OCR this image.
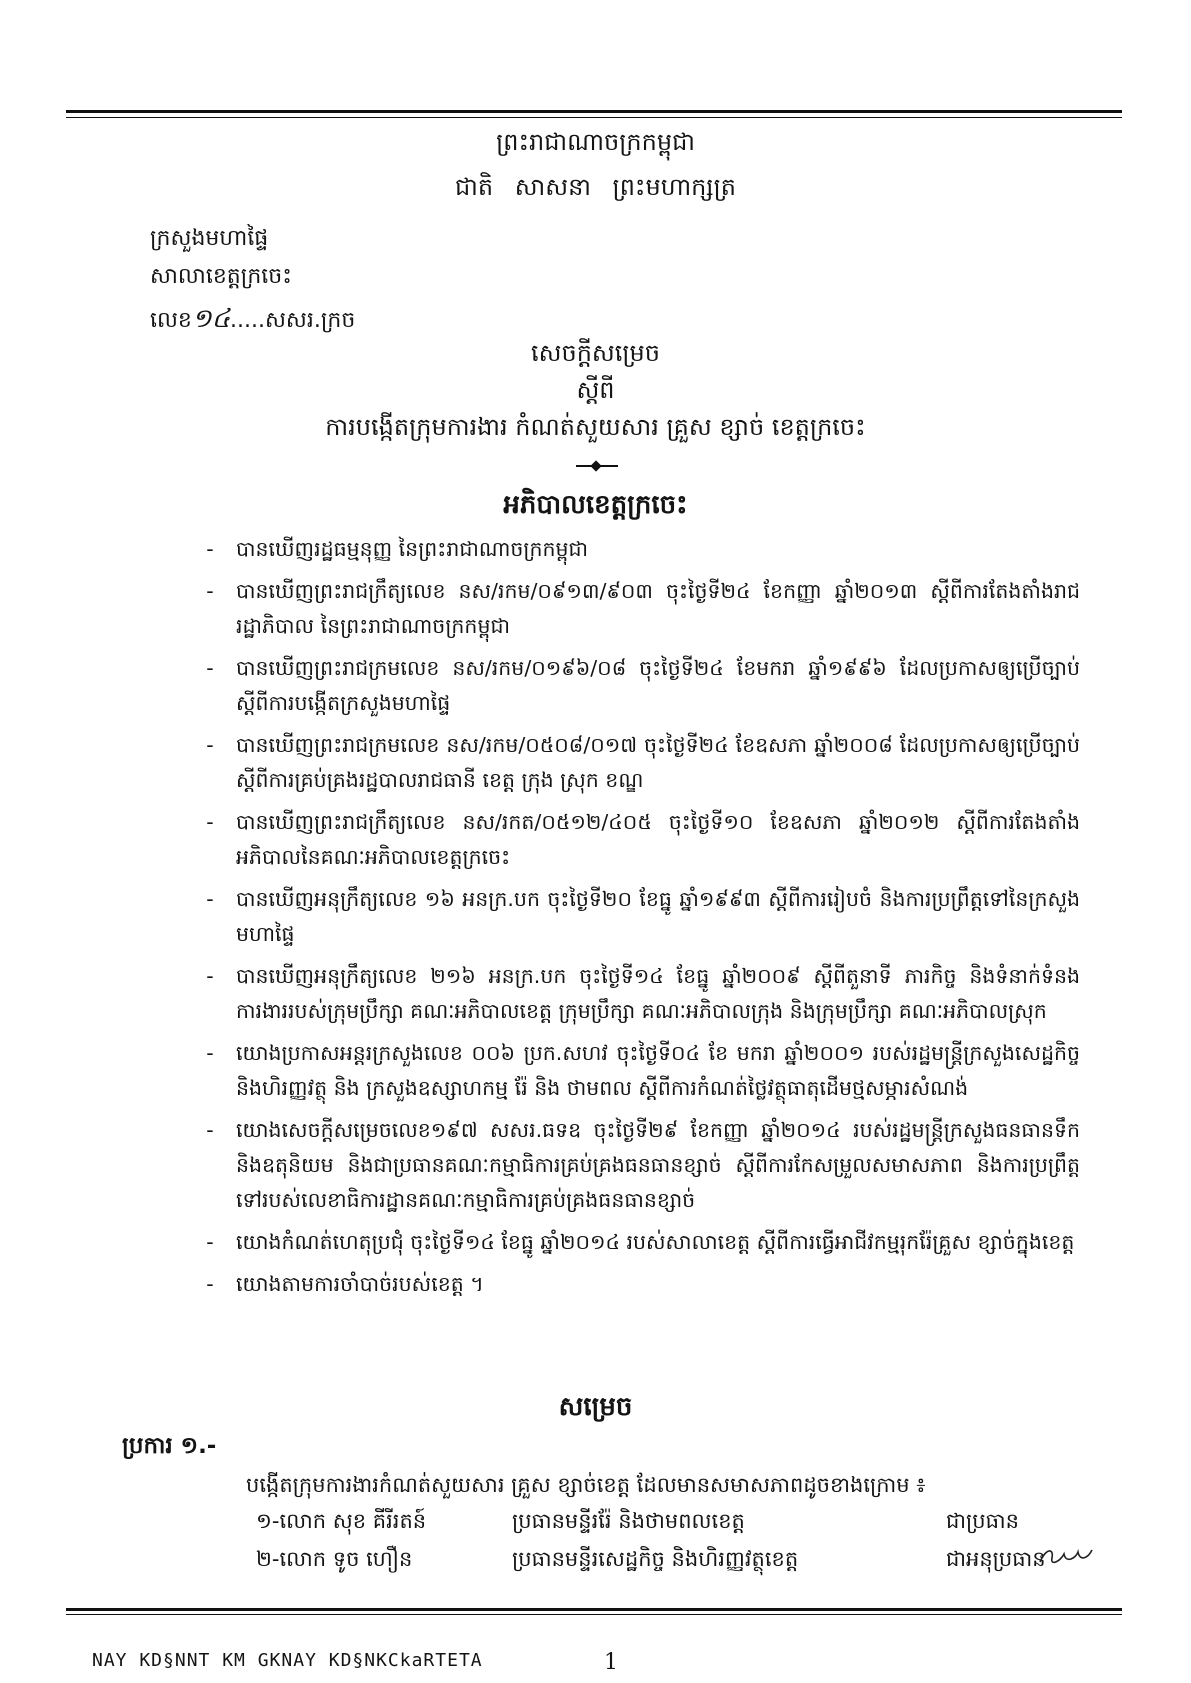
ព្រះរាជាណាចក្រកម្ពុជា
ជាតិ សាសនា ព្រះមហាក្សត្រ
ក្រសួងមហាផ្ទៃ
សាលាខេត្តក្រចេះ
លេខ១៤.....សសរ.ក្រច
សេចក្តីសម្រេច
ស្តីពី
ការបង្កើតក្រុមការងារ កំណត់សួយសារ គ្រួស ខ្សាច់ ខេត្តក្រចេះ
អភិបាលខេត្តក្រចេះ
-	បានឃើញរដ្ឋធម្មនុញ្ញ នៃព្រះរាជាណាចក្រកម្ពុជា
-	បានឃើញព្រះរាជក្រឹត្យលេខ នស/រកម/០៩១៣/៩០៣ ចុះថ្ងៃទី២៤ ខែកញ្ញា ឆ្នាំ២០១៣ ស្តីពីការតែងតាំងរាជរដ្ឋាភិបាល នៃព្រះរាជាណាចក្រកម្ពុជា
-	បានឃើញព្រះរាជក្រមលេខ នស/រកម/០១៩៦/០៨ ចុះថ្ងៃទី២៤ ខែមករា ឆ្នាំ១៩៩៦ ដែលប្រកាសឲ្យប្រើច្បាប់ស្តីពីការបង្កើតក្រសួងមហាផ្ទៃ
-	បានឃើញព្រះរាជក្រមលេខ នស/រកម/០៥០៨/០១៧ ចុះថ្ងៃទី២៤ ខែឧសភា ឆ្នាំ២០០៨ ដែលប្រកាសឲ្យប្រើច្បាប់ ស្តីពីការគ្រប់គ្រងរដ្ឋបាលរាជធានី ខេត្ត ក្រុង ស្រុក ខណ្ឌ
-	បានឃើញព្រះរាជក្រឹត្យលេខ នស/រកត/០៥១២/៤០៥ ចុះថ្ងៃទី១០ ខែឧសភា ឆ្នាំ២០១២ ស្តីពីការតែងតាំងអភិបាលនៃគណៈអភិបាលខេត្តក្រចេះ
-	បានឃើញអនុក្រឹត្យលេខ ១៦ អនក្រ.បក ចុះថ្ងៃទី២០ ខែធ្នូ ឆ្នាំ១៩៩៣ ស្តីពីការរៀបចំ និងការប្រព្រឹត្តទៅនៃក្រសួងមហាផ្ទៃ
-	បានឃើញអនុក្រឹត្យលេខ ២១៦ អនក្រ.បក ចុះថ្ងៃទី១៤ ខែធ្នូ ឆ្នាំ២០០៩ ស្តីពីតួនាទី ភារកិច្ច និងទំនាក់ទំនងការងាររបស់ក្រុមប្រឹក្សា គណៈអភិបាលខេត្ត ក្រុមប្រឹក្សា គណៈអភិបាលក្រុង និងក្រុមប្រឹក្សា គណៈអភិបាលស្រុក
-	យោងប្រកាសអន្តរក្រសួងលេខ ០០៦ ប្រក.សហវ ចុះថ្ងៃទី០៤ ខែ មករា ឆ្នាំ២០០១ របស់រដ្ឋមន្ត្រីក្រសួងសេដ្ឋកិច្ច និងហិរញ្ញវត្ថុ និង ក្រសួងឧស្សាហកម្ម រ៉ែ និង ថាមពល ស្តីពីការកំណត់ថ្លៃវត្ថុធាតុដើមថ្មសម្ភារសំណង់
-	យោងសេចក្តីសម្រេចលេខ១៩៧ សសរ.ធទឧ ចុះថ្ងៃទី២៩ ខែកញ្ញា ឆ្នាំ២០១៤ របស់រដ្ឋមន្ត្រីក្រសួងធនធានទឹក និងឧតុនិយម និងជាប្រធានគណៈកម្មាធិការគ្រប់គ្រងធនធានខ្សាច់ ស្តីពីការកែសម្រួលសមាសភាព និងការប្រព្រឹត្តទៅរបស់លេខាធិការដ្ឋានគណៈកម្មាធិការគ្រប់គ្រងធនធានខ្សាច់
-	យោងកំណត់ហេតុប្រជុំ ចុះថ្ងៃទី១៤ ខែធ្នូ ឆ្នាំ២០១៤ របស់សាលាខេត្ត ស្តីពីការធ្វើអាជីវកម្មរុករ៉ែគ្រួស ខ្សាច់ក្នុងខេត្ត
-	យោងតាមការចាំបាច់របស់ខេត្ត ។
សម្រេច
ប្រការ ១.-
បង្កើតក្រុមការងារកំណត់សួយសារ គ្រួស ខ្សាច់ខេត្ត ដែលមានសមាសភាពដូចខាងក្រោម ៖
១-លោក សុខ គីរីរតន៍	ប្រធានមន្ទីររ៉ែ និងថាមពលខេត្ត	ជាប្រធាន
២-លោក ទូច ហឿន	ប្រធានមន្ទីរសេដ្ឋកិច្ច និងហិរញ្ញវត្ថុខេត្ត	ជាអនុប្រធាន
NAY KD§NNT KM GKNAY KD§NKCkaRTETA	1
